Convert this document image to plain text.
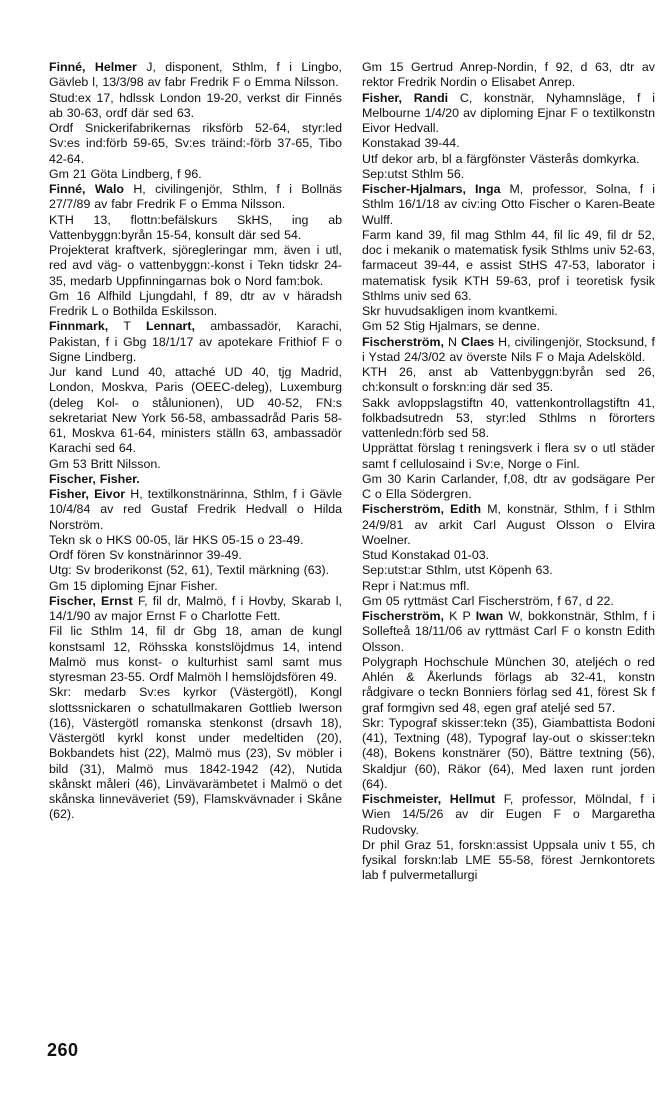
Finné, Helmer J, disponent, Sthlm, f i Lingbo, Gävleb l, 13/3/98 av fabr Fredrik F o Emma Nilsson.

Stud:ex 17, hdlssk London 19-20, verkst dir Finnés ab 30-63, ordf där sed 63.

Ordf Snickerifabrikernas riksförb 52-64, styr:led Sv:es ind:förb 59-65, Sv:es träind:-förb 37-65, Tibo 42-64.

Gm 21 Göta Lindberg, f 96.

Finné, Walo H, civilingenjör, Sthlm, f i Bollnäs 27/7/89 av fabr Fredrik F o Emma Nilsson.

KTH 13, flottn:befälskurs SkHS, ing ab Vattenbyggn:byrån 15-54, konsult där sed 54.

Projekterat kraftverk, sjöregleringar mm, även i utl, red avd väg- o vattenbyggn:-konst i Tekn tidskr 24-35, medarb Uppfinningarnas bok o Nord fam:bok.

Gm 16 Alfhild Ljungdahl, f 89, dtr av v häradsh Fredrik L o Bothilda Eskilsson.

Finnmark, T Lennart, ambassadör, Karachi, Pakistan, f i Gbg 18/1/17 av apotekare Frithiof F o Signe Lindberg.

Jur kand Lund 40, attaché UD 40, tjg Madrid, London, Moskva, Paris (OEEC-deleg), Luxemburg (deleg Kol- o stålunionen), UD 40-52, FN:s sekretariat New York 56-58, ambassadråd Paris 58-61, Moskva 61-64, ministers ställn 63, ambassadör Karachi sed 64.

Gm 53 Britt Nilsson.

Fischer, Fisher.

Fisher, Eivor H, textilkonstnärinna, Sthlm, f i Gävle 10/4/84 av red Gustaf Fredrik Hedvall o Hilda Norström.

Tekn sk o HKS 00-05, lär HKS 05-15 o 23-49.

Ordf fören Sv konstnärinnor 39-49.

Utg: Sv broderikonst (52, 61), Textil märkning (63).

Gm 15 diploming Ejnar Fisher.

Fischer, Ernst F, fil dr, Malmö, f i Hovby, Skarab l, 14/1/90 av major Ernst F o Charlotte Fett.

Fil lic Sthlm 14, fil dr Gbg 18, aman de kungl konstsaml 12, Röhsska konstslöjdmus 14, intend Malmö mus konst- o kulturhist saml samt mus styresman 23-55. Ordf Malmöh l hemslöjdsfören 49.

Skr: medarb Sv:es kyrkor (Västergötl), Kongl slottssnickaren o schatullmakaren Gottlieb Iwerson (16), Västergötl romanska stenkonst (drsavh 18), Västergötl kyrkl konst under medeltiden (20), Bokbandets hist (22), Malmö mus (23), Sv möbler i bild (31), Malmö mus 1842-1942 (42), Nutida skånskt måleri (46), Linvävarämbetet i Malmö o det skånska linneväveriet (59), Flamskvävnader i Skåne (62).

Gm 15 Gertrud Anrep-Nordin, f 92, d 63, dtr av rektor Fredrik Nordin o Elisabet Anrep.

Fisher, Randi C, konstnär, Nyhamnsläge, f i Melbourne 1/4/20 av diploming Ejnar F o textilkonstn Eivor Hedvall.

Konstakad 39-44.

Utf dekor arb, bl a färgfönster Västerås domkyrka.

Sep:utst Sthlm 56.

Fischer-Hjalmars, Inga M, professor, Solna, f i Sthlm 16/1/18 av civ:ing Otto Fischer o Karen-Beate Wulff.

Farm kand 39, fil mag Sthlm 44, fil lic 49, fil dr 52, doc i mekanik o matematisk fysik Sthlms univ 52-63, farmaceut 39-44, e assist StHS 47-53, laborator i matematisk fysik KTH 59-63, prof i teoretisk fysik Sthlms univ sed 63.

Skr huvudsakligen inom kvantkemi.

Gm 52 Stig Hjalmars, se denne.

Fischerström, N Claes H, civilingenjör, Stocksund, f i Ystad 24/3/02 av överste Nils F o Maja Adelsköld.

KTH 26, anst ab Vattenbyggn:byrån sed 26, ch:konsult o forskn:ing där sed 35.

Sakk avloppslagstiftn 40, vattenkontrollagstiftn 41, folkbadsutredn 53, styr:led Sthlms n förorters vattenledn:förb sed 58.

Upprättat förslag t reningsverk i flera sv o utl städer samt f cellulosaind i Sv:e, Norge o Finl.

Gm 30 Karin Carlander, f,08, dtr av godsägare Per C o Ella Södergren.

Fischerström, Edith M, konstnär, Sthlm, f i Sthlm 24/9/81 av arkit Carl August Olsson o Elvira Woelner.

Stud Konstakad 01-03.

Sep:utst:ar Sthlm, utst Köpenh 63.

Repr i Nat:mus mfl.

Gm 05 ryttmäst Carl Fischerström, f 67, d 22.

Fischerström, K P Iwan W, bokkonstnär, Sthlm, f i Sollefteå 18/11/06 av ryttmäst Carl F o konstn Edith Olsson.

Polygraph Hochschule München 30, ateljéch o red Ahlén & Åkerlunds förlags ab 32-41, konstn rådgivare o teckn Bonniers förlag sed 41, förest Sk f graf formgivn sed 48, egen graf ateljé sed 57.

Skr: Typograf skisser:tekn (35), Giambattista Bodoni (41), Textning (48), Typograf lay-out o skisser:tekn (48), Bokens konstnärer (50), Bättre textning (56), Skaldjur (60), Räkor (64), Med laxen runt jorden (64).

Fischmeister, Hellmut F, professor, Mölndal, f i Wien 14/5/26 av dir Eugen F o Margaretha Rudovsky.

Dr phil Graz 51, forskn:assist Uppsala univ t 55, ch fysikal forskn:lab LME 55-58, förest Jernkontorets lab f pulvermetallurgi

260
